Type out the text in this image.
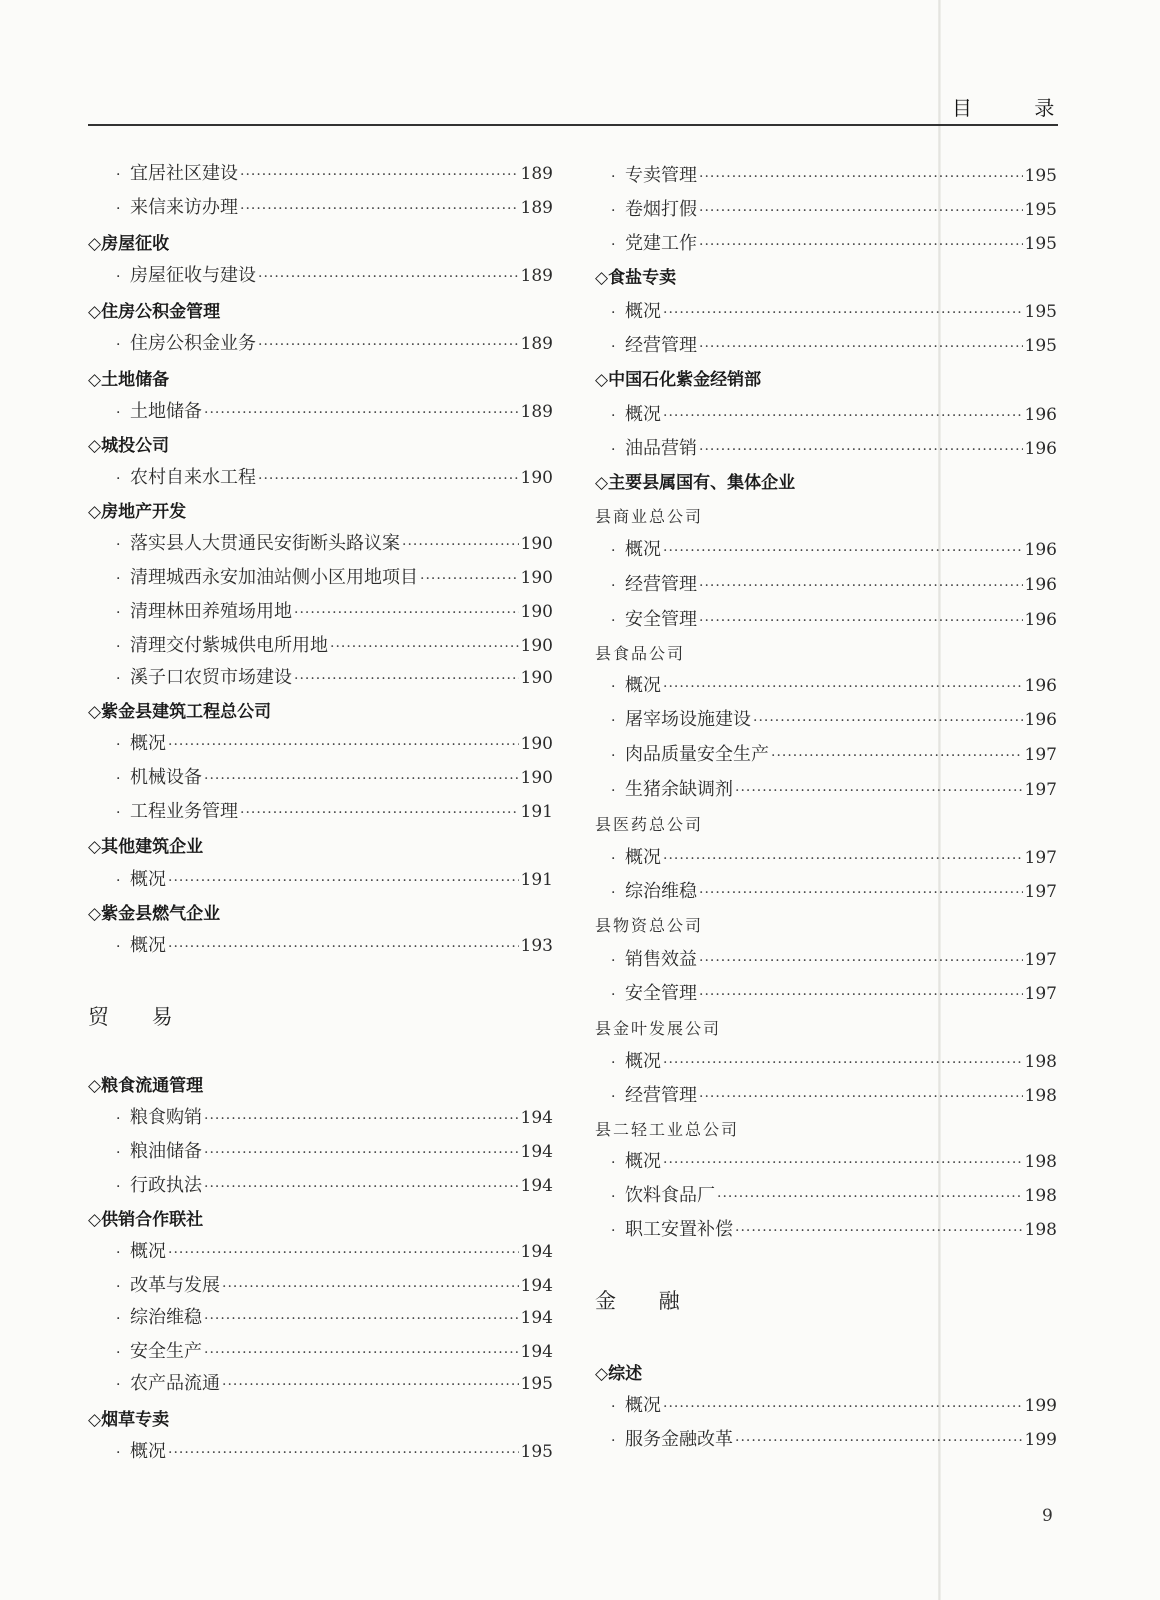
目 录
· 宜居社区建设 ·····	189
· 来信来访办理 ·····	189
◇房屋征收
· 房屋征收与建设 ·····	189
◇住房公积金管理
· 住房公积金业务 ·····	189
◇土地储备
· 土地储备 ·····	189
◇城投公司
· 农村自来水工程 ·····	190
◇房地产开发
· 落实县人大贯通民安街断头路议案 ·····	190
· 清理城西永安加油站侧小区用地项目 ·····	190
· 清理林田养殖场用地 ·····	190
· 清理交付紫城供电所用地 ·····	190
· 溪子口农贸市场建设 ·····	190
◇紫金县建筑工程总公司
· 概况 ·····	190
· 机械设备 ·····	190
· 工程业务管理 ·····	191
◇其他建筑企业
· 概况 ·····	191
◇紫金县燃气企业
· 概况 ·····	193
贸 易
◇粮食流通管理
· 粮食购销 ·····	194
· 粮油储备 ·····	194
· 行政执法 ·····	194
◇供销合作联社
· 概况 ·····	194
· 改革与发展 ·····	194
· 综治维稳 ·····	194
· 安全生产 ·····	194
· 农产品流通 ·····	195
◇烟草专卖
· 概况 ·····	195
· 专卖管理 ·····	195
· 卷烟打假 ·····	195
· 党建工作 ·····	195
◇食盐专卖
· 概况 ·····	195
· 经营管理 ·····	195
◇中国石化紫金经销部
· 概况 ·····	196
· 油品营销 ·····	196
◇主要县属国有、集体企业
县商业总公司
· 概况 ·····	196
· 经营管理 ·····	196
· 安全管理 ·····	196
县食品公司
· 概况 ·····	196
· 屠宰场设施建设 ·····	196
· 肉品质量安全生产 ·····	197
· 生猪余缺调剂 ·····	197
县医药总公司
· 概况 ·····	197
· 综治维稳 ·····	197
县物资总公司
· 销售效益 ·····	197
· 安全管理 ·····	197
县金叶发展公司
· 概况 ·····	198
· 经营管理 ·····	198
县二轻工业总公司
· 概况 ·····	198
· 饮料食品厂 ·····	198
· 职工安置补偿 ·····	198
金 融
◇综述
· 概况 ·····	199
· 服务金融改革 ·····	199
9
